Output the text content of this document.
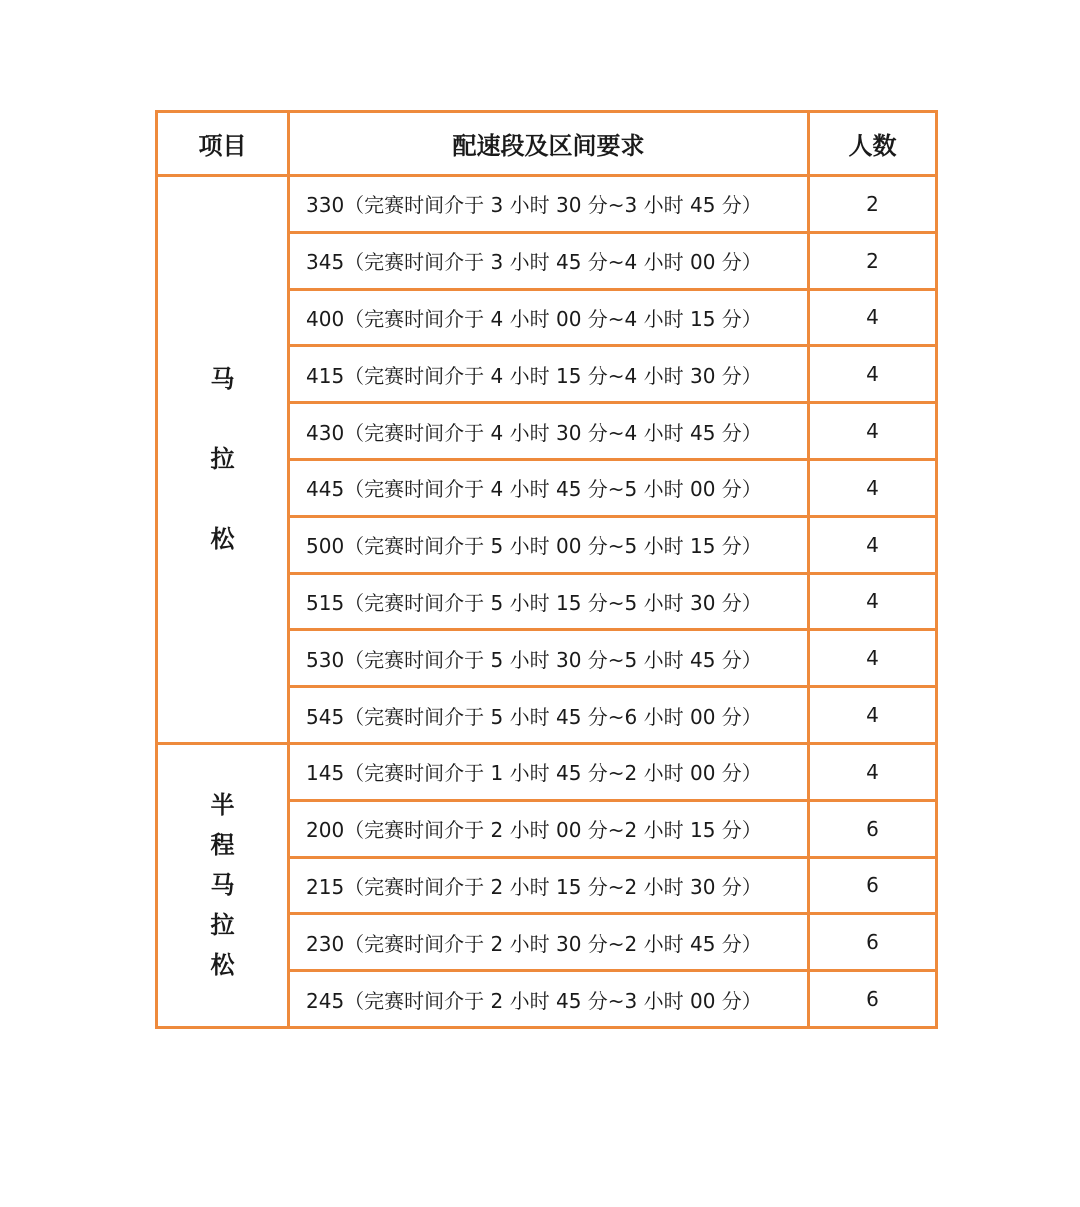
项目	配速段及区间要求	人数

马
拉
松	330（完赛时间介于 3 小时 30 分~3 小时 45 分）	2
	345（完赛时间介于 3 小时 45 分~4 小时 00 分）	2
	400（完赛时间介于 4 小时 00 分~4 小时 15 分）	4
	415（完赛时间介于 4 小时 15 分~4 小时 30 分）	4
	430（完赛时间介于 4 小时 30 分~4 小时 45 分）	4
	445（完赛时间介于 4 小时 45 分~5 小时 00 分）	4
	500（完赛时间介于 5 小时 00 分~5 小时 15 分）	4
	515（完赛时间介于 5 小时 15 分~5 小时 30 分）	4
	530（完赛时间介于 5 小时 30 分~5 小时 45 分）	4
	545（完赛时间介于 5 小时 45 分~6 小时 00 分）	4

半
程
马
拉
松	145（完赛时间介于 1 小时 45 分~2 小时 00 分）	4
	200（完赛时间介于 2 小时 00 分~2 小时 15 分）	6
	215（完赛时间介于 2 小时 15 分~2 小时 30 分）	6
	230（完赛时间介于 2 小时 30 分~2 小时 45 分）	6
	245（完赛时间介于 2 小时 45 分~3 小时 00 分）	6
